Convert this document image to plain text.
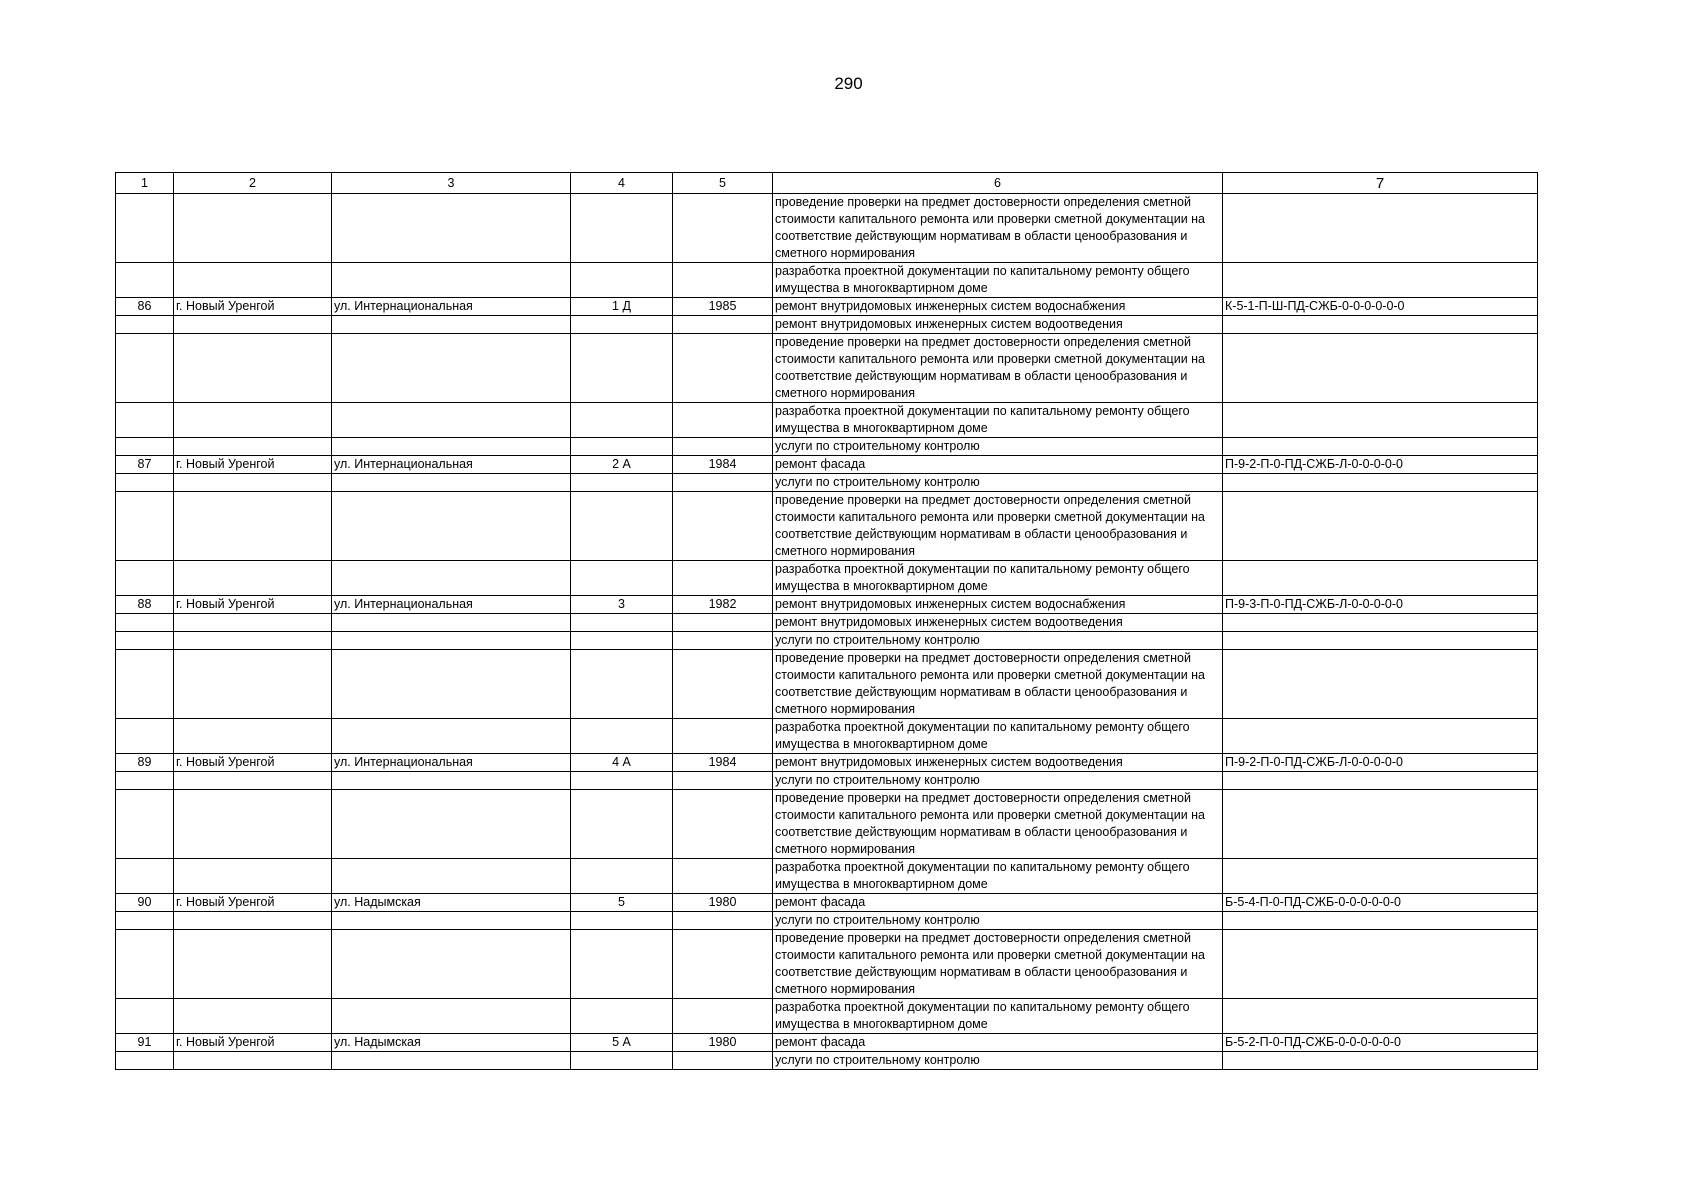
290
1	2	3	4	5	6	7
					проведение проверки на предмет достоверности определения сметной стоимости капитального ремонта или проверки сметной документации на соответствие действующим нормативам в области ценообразования и сметного нормирования	
					разработка проектной документации по капитальному ремонту общего имущества в многоквартирном доме	
86	г. Новый Уренгой	ул. Интернациональная	1 Д	1985	ремонт внутридомовых инженерных систем водоснабжения	К-5-1-П-Ш-ПД-СЖБ-0-0-0-0-0-0
					ремонт внутридомовых инженерных систем водоотведения	
					проведение проверки на предмет достоверности определения сметной стоимости капитального ремонта или проверки сметной документации на соответствие действующим нормативам в области ценообразования и сметного нормирования	
					разработка проектной документации по капитальному ремонту общего имущества в многоквартирном доме	
					услуги по строительному контролю	
87	г. Новый Уренгой	ул. Интернациональная	2 А	1984	ремонт фасада	П-9-2-П-0-ПД-СЖБ-Л-0-0-0-0-0
					услуги по строительному контролю	
					проведение проверки на предмет достоверности определения сметной стоимости капитального ремонта или проверки сметной документации на соответствие действующим нормативам в области ценообразования и сметного нормирования	
					разработка проектной документации по капитальному ремонту общего имущества в многоквартирном доме	
88	г. Новый Уренгой	ул. Интернациональная	3	1982	ремонт внутридомовых инженерных систем водоснабжения	П-9-3-П-0-ПД-СЖБ-Л-0-0-0-0-0
					ремонт внутридомовых инженерных систем водоотведения	
					услуги по строительному контролю	
					проведение проверки на предмет достоверности определения сметной стоимости капитального ремонта или проверки сметной документации на соответствие действующим нормативам в области ценообразования и сметного нормирования	
					разработка проектной документации по капитальному ремонту общего имущества в многоквартирном доме	
89	г. Новый Уренгой	ул. Интернациональная	4 А	1984	ремонт внутридомовых инженерных систем водоотведения	П-9-2-П-0-ПД-СЖБ-Л-0-0-0-0-0
					услуги по строительному контролю	
					проведение проверки на предмет достоверности определения сметной стоимости капитального ремонта или проверки сметной документации на соответствие действующим нормативам в области ценообразования и сметного нормирования	
					разработка проектной документации по капитальному ремонту общего имущества в многоквартирном доме	
90	г. Новый Уренгой	ул. Надымская	5	1980	ремонт фасада	Б-5-4-П-0-ПД-СЖБ-0-0-0-0-0-0
					услуги по строительному контролю	
					проведение проверки на предмет достоверности определения сметной стоимости капитального ремонта или проверки сметной документации на соответствие действующим нормативам в области ценообразования и сметного нормирования	
					разработка проектной документации по капитальному ремонту общего имущества в многоквартирном доме	
91	г. Новый Уренгой	ул. Надымская	5 А	1980	ремонт фасада	Б-5-2-П-0-ПД-СЖБ-0-0-0-0-0-0
					услуги по строительному контролю	
